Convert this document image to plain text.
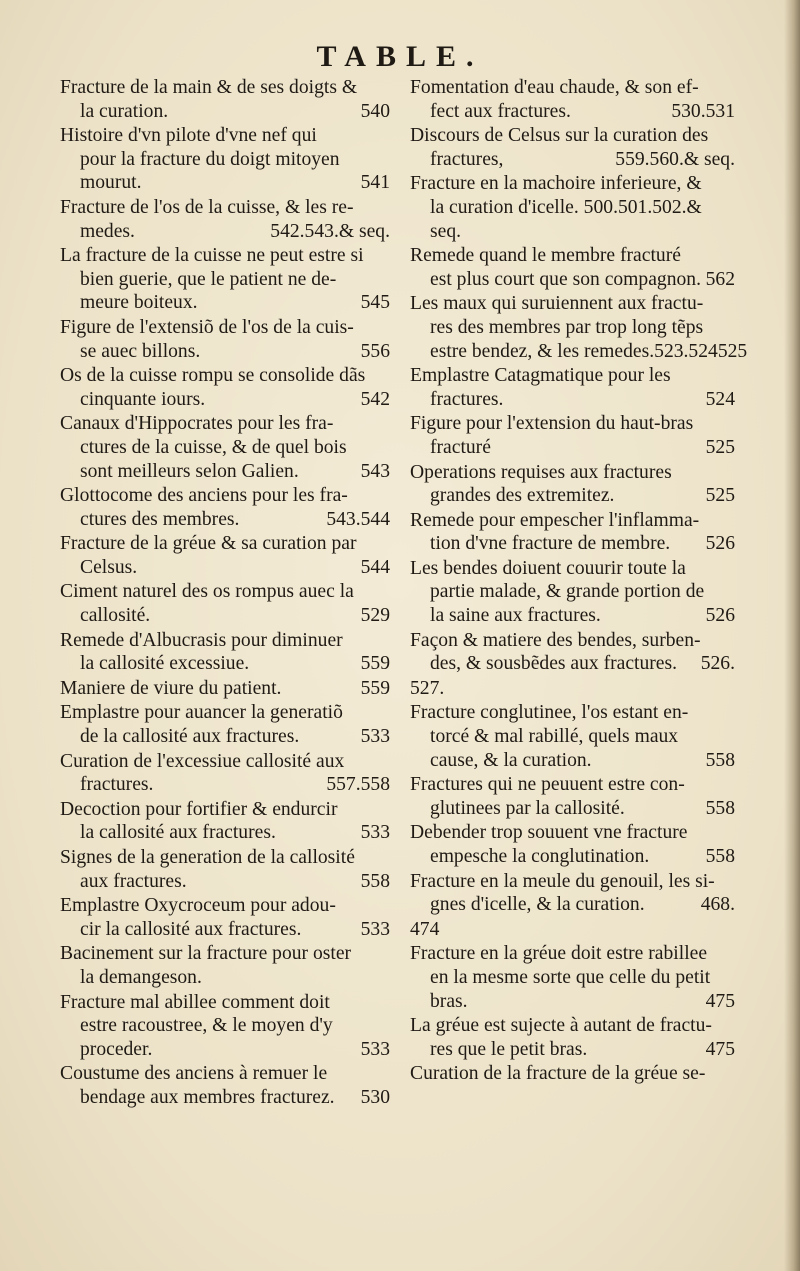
TABLE.
Fracture de la main & de ses doigts &
la curation.	540
Histoire d'vn pilote d'vne nef qui
pour la fracture du doigt mitoyen
mourut.	541
Fracture de l'os de la cuisse, & les re-
medes.	542.543.& seq.
La fracture de la cuisse ne peut estre si
bien guerie, que le patient ne de-
meure boiteux.	545
Figure de l'extensiõ de l'os de la cuis-
se auec billons.	556
Os de la cuisse rompu se consolide dãs
cinquante iours.	542
Canaux d'Hippocrates pour les fra-
ctures de la cuisse, & de quel bois
sont meilleurs selon Galien.	543
Glottocome des anciens pour les fra-
ctures des membres.	543.544
Fracture de la gréue & sa curation par
Celsus.	544
Ciment naturel des os rompus auec la
callosité.	529
Remede d'Albucrasis pour diminuer
la callosité excessiue.	559
Maniere de viure du patient.	559
Emplastre pour auancer la generatiõ
de la callosité aux fractures.	533
Curation de l'excessiue callosité aux
fractures.	557.558
Decoction pour fortifier & endurcir
la callosité aux fractures.	533
Signes de la generation de la callosité
aux fractures.	558
Emplastre Oxycroceum pour adou-
cir la callosité aux fractures.	533
Bacinement sur la fracture pour oster
la demangeson.
Fracture mal abillee comment doit
estre racoustree, & le moyen d'y
proceder.	533
Coustume des anciens à remuer le
bendage aux membres fracturez. 530
Fomentation d'eau chaude, & son ef-
fect aux fractures.	530.531
Discours de Celsus sur la curation des
fractures,	559.560.& seq.
Fracture en la machoire inferieure, &
la curation d'icelle. 500.501.502.&
seq.
Remede quand le membre fracturé
est plus court que son compagnon. 562
Les maux qui suruiennent aux fractu-
res des membres par trop long tẽps
estre bendez, & les remedes.523.524 525
Emplastre Catagmatique pour les
fractures.	524
Figure pour l'extension du haut-bras
fracturé	525
Operations requises aux fractures
grandes des extremitez.	525
Remede pour empescher l'inflamma-
tion d'vne fracture de membre. 526
Les bendes doiuent couurir toute la
partie malade, & grande portion de
la saine aux fractures.	526
Façon & matiere des bendes, surben-
des, & sousbẽdes aux fractures. 526.
527.
Fracture conglutinee, l'os estant en-
torcé & mal rabillé, quels maux
cause, & la curation.	558
Fractures qui ne peuuent estre con-
glutinees par la callosité.	558
Debender trop souuent vne fracture
empesche la conglutination.	558
Fracture en la meule du genouil, les si-
gnes d'icelle, & la curation.	468.
474
Fracture en la gréue doit estre rabillee
en la mesme sorte que celle du petit
bras.	475
La gréue est sujecte à autant de fractu-
res que le petit bras.	475
Curation de la fracture de la gréue se-
